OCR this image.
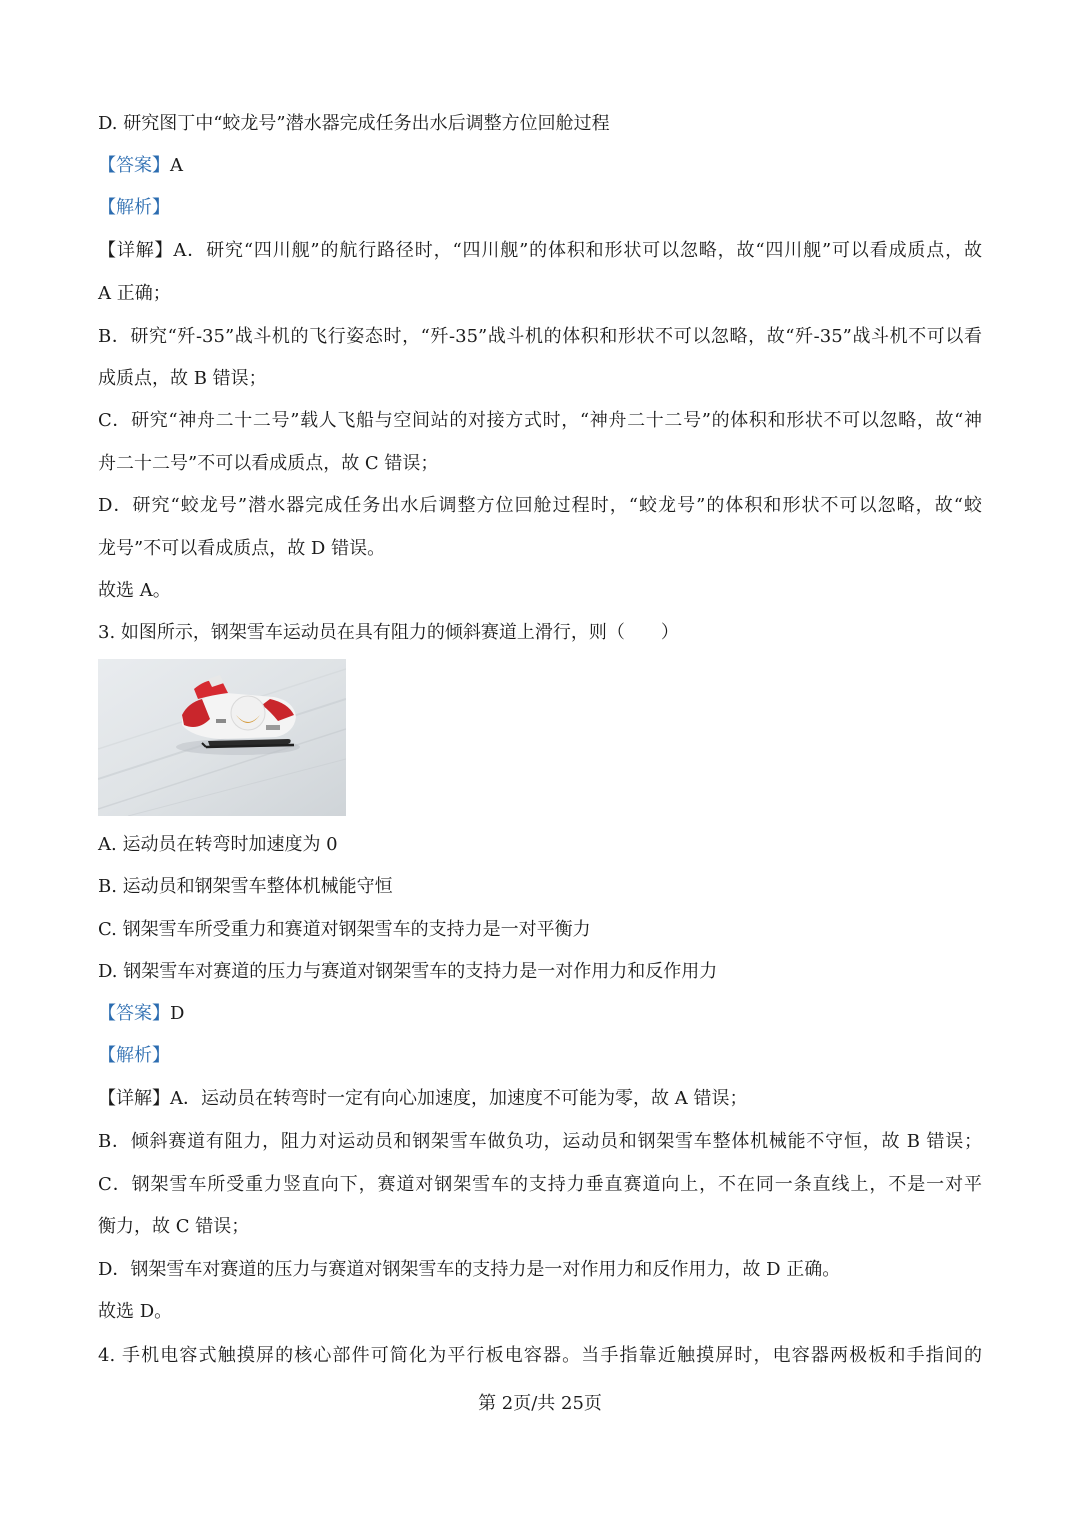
D. 研究图丁中“蛟龙号”潜水器完成任务出水后调整方位回舱过程
【答案】A
【解析】
【详解】A．研究“四川舰”的航行路径时，“四川舰”的体积和形状可以忽略，故“四川舰”可以看成质点，故
A 正确；
B．研究“歼-35”战斗机的飞行姿态时，“歼-35”战斗机的体积和形状不可以忽略，故“歼-35”战斗机不可以看
成质点，故 B 错误；
C．研究“神舟二十二号”载人飞船与空间站的对接方式时，“神舟二十二号”的体积和形状不可以忽略，故“神
舟二十二号”不可以看成质点，故 C 错误；
D．研究“蛟龙号”潜水器完成任务出水后调整方位回舱过程时，“蛟龙号”的体积和形状不可以忽略，故“蛟
龙号”不可以看成质点，故 D 错误。
故选 A。
3. 如图所示，钢架雪车运动员在具有阻力的倾斜赛道上滑行，则（　　）
A. 运动员在转弯时加速度为 0
B. 运动员和钢架雪车整体机械能守恒
C. 钢架雪车所受重力和赛道对钢架雪车的支持力是一对平衡力
D. 钢架雪车对赛道的压力与赛道对钢架雪车的支持力是一对作用力和反作用力
【答案】D
【解析】
【详解】A．运动员在转弯时一定有向心加速度，加速度不可能为零，故 A 错误；
B．倾斜赛道有阻力，阻力对运动员和钢架雪车做负功，运动员和钢架雪车整体机械能不守恒，故 B 错误；
C．钢架雪车所受重力竖直向下，赛道对钢架雪车的支持力垂直赛道向上，不在同一条直线上，不是一对平
衡力，故 C 错误；
D．钢架雪车对赛道的压力与赛道对钢架雪车的支持力是一对作用力和反作用力，故 D 正确。
故选 D。
4. 手机电容式触摸屏的核心部件可简化为平行板电容器。当手指靠近触摸屏时，电容器两极板和手指间的
第 2页/共 25页
